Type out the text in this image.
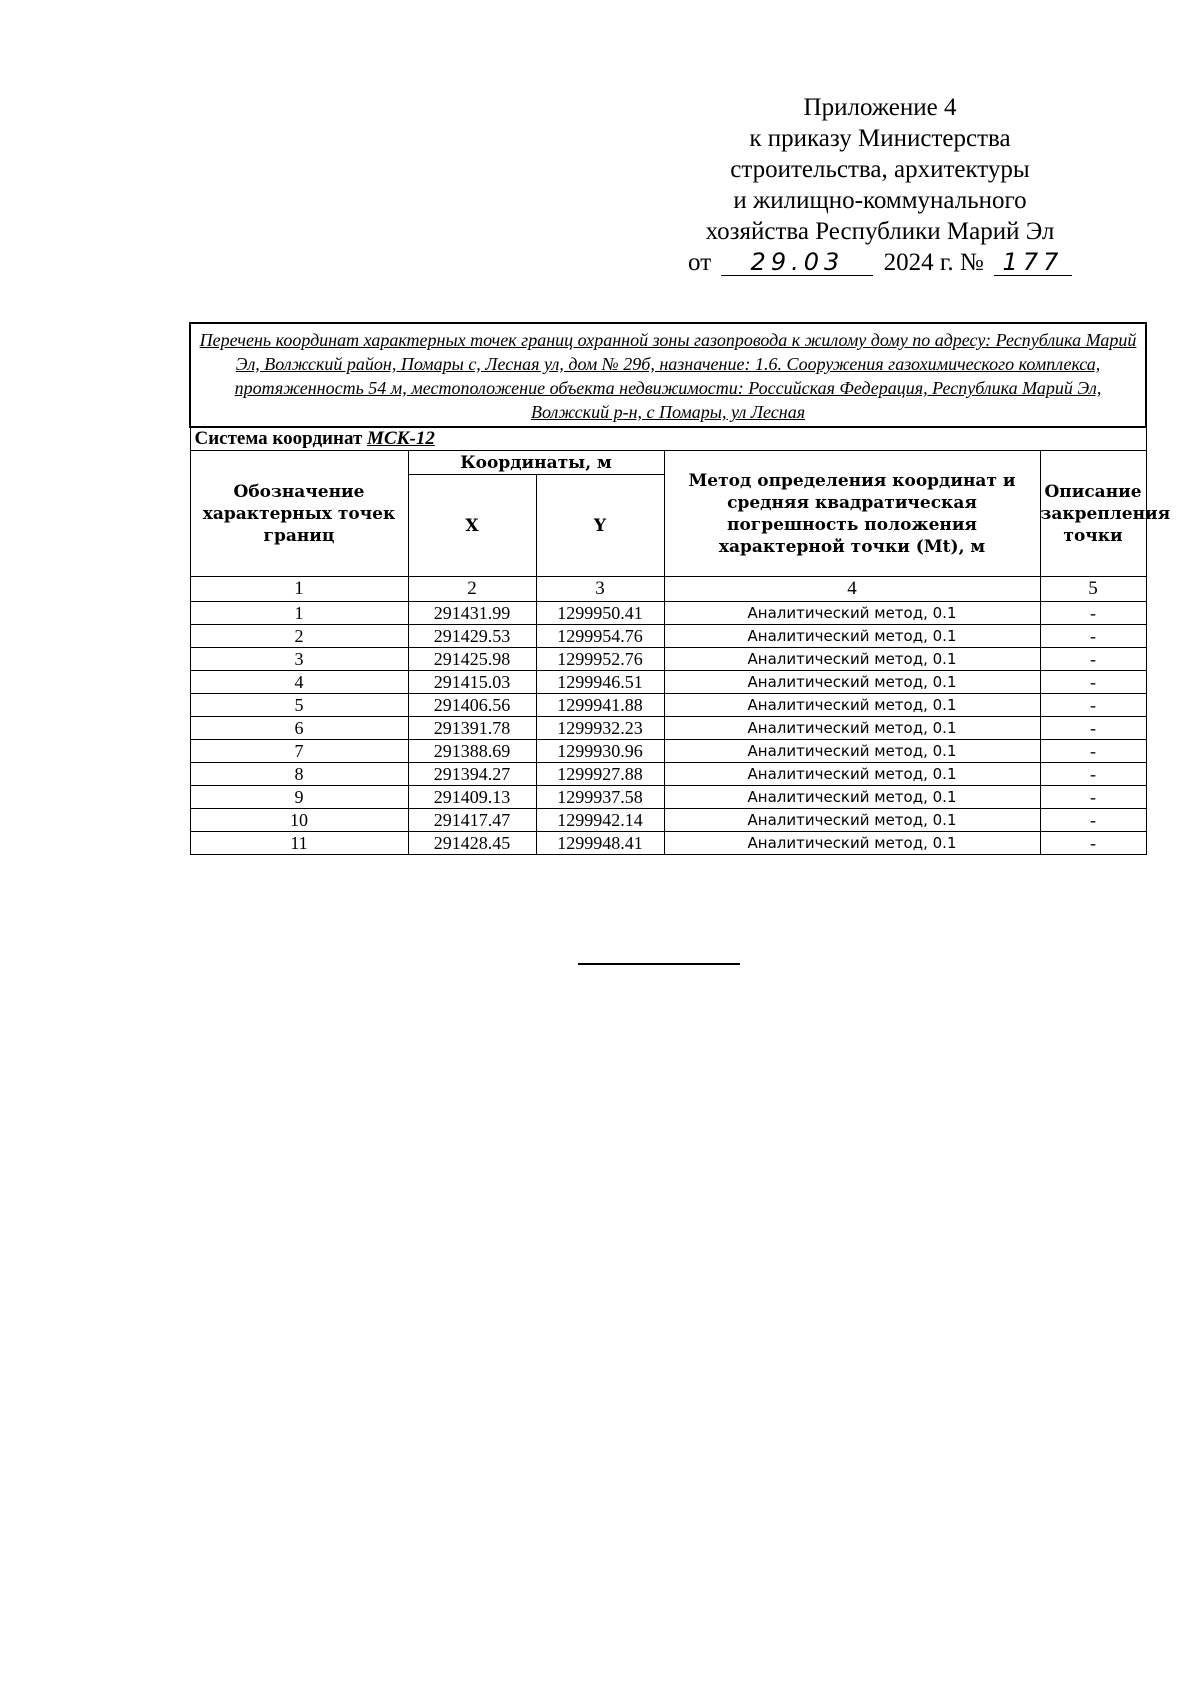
Приложение 4
к приказу Министерства
строительства, архитектуры
и жилищно-коммунального
хозяйства Республики Марий Эл
от 29.03 2024 г. № 177
Перечень координат характерных точек границ охранной зоны газопровода к жилому дому по адресу: Республика Марий Эл, Волжский район, Помары с, Лесная ул, дом № 29б, назначение: 1.6. Сооружения газохимического комплекса, протяженность 54 м, местоположение объекта недвижимости: Российская Федерация, Республика Марий Эл, Волжский р-н, с Помары, ул Лесная				
Система координат МСК-12				
Обозначение характерных точек границ	Координаты, м		Метод определения координат и средняя квадратическая погрешность положения характерной точки (Mt), м	Описание закрепления точки
	X	Y		
1	2	3	4	5
1	291431.99	1299950.41	Аналитический метод, 0.1	-
2	291429.53	1299954.76	Аналитический метод, 0.1	-
3	291425.98	1299952.76	Аналитический метод, 0.1	-
4	291415.03	1299946.51	Аналитический метод, 0.1	-
5	291406.56	1299941.88	Аналитический метод, 0.1	-
6	291391.78	1299932.23	Аналитический метод, 0.1	-
7	291388.69	1299930.96	Аналитический метод, 0.1	-
8	291394.27	1299927.88	Аналитический метод, 0.1	-
9	291409.13	1299937.58	Аналитический метод, 0.1	-
10	291417.47	1299942.14	Аналитический метод, 0.1	-
11	291428.45	1299948.41	Аналитический метод, 0.1	-
